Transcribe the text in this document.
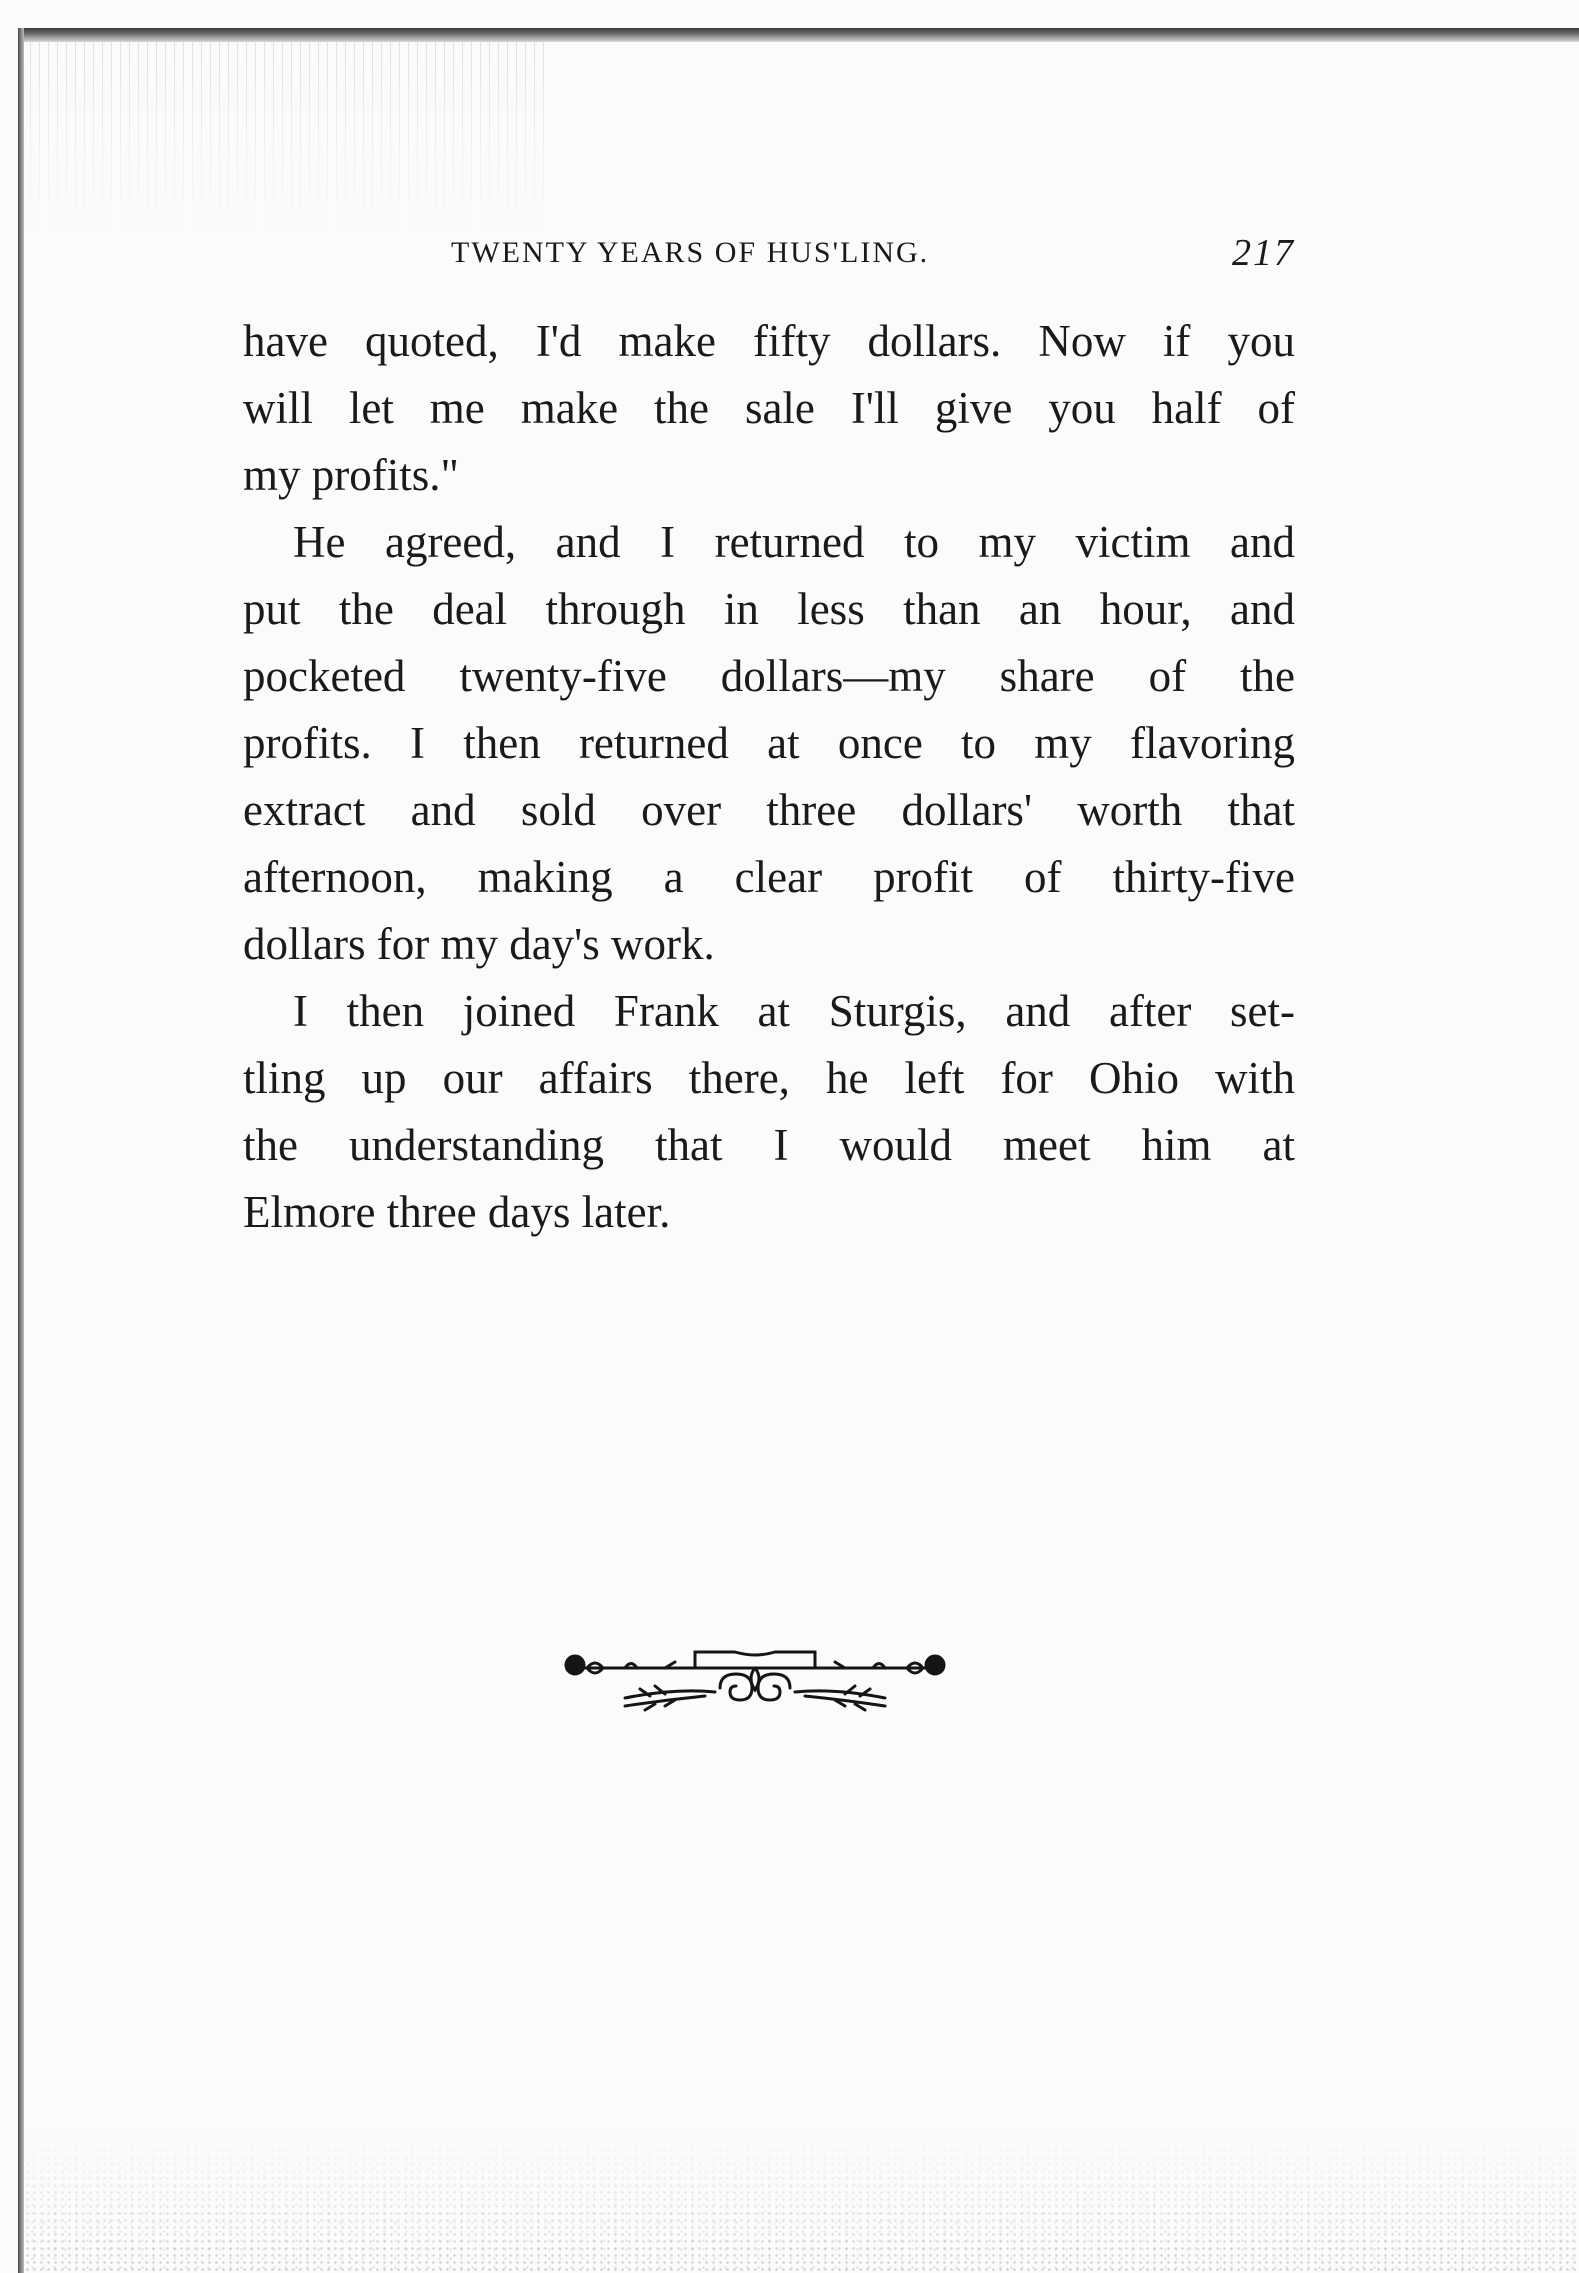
TWENTY YEARS OF HUS'LING.	217

have quoted, I'd make fifty dollars. Now if you
will let me make the sale I'll give you half of
my profits."

He agreed, and I returned to my victim and
put the deal through in less than an hour, and
pocketed twenty-five dollars—my share of the
profits. I then returned at once to my flavoring
extract and sold over three dollars' worth that
afternoon, making a clear profit of thirty-five
dollars for my day's work.

I then joined Frank at Sturgis, and after set-
tling up our affairs there, he left for Ohio with
the understanding that I would meet him at
Elmore three days later.
